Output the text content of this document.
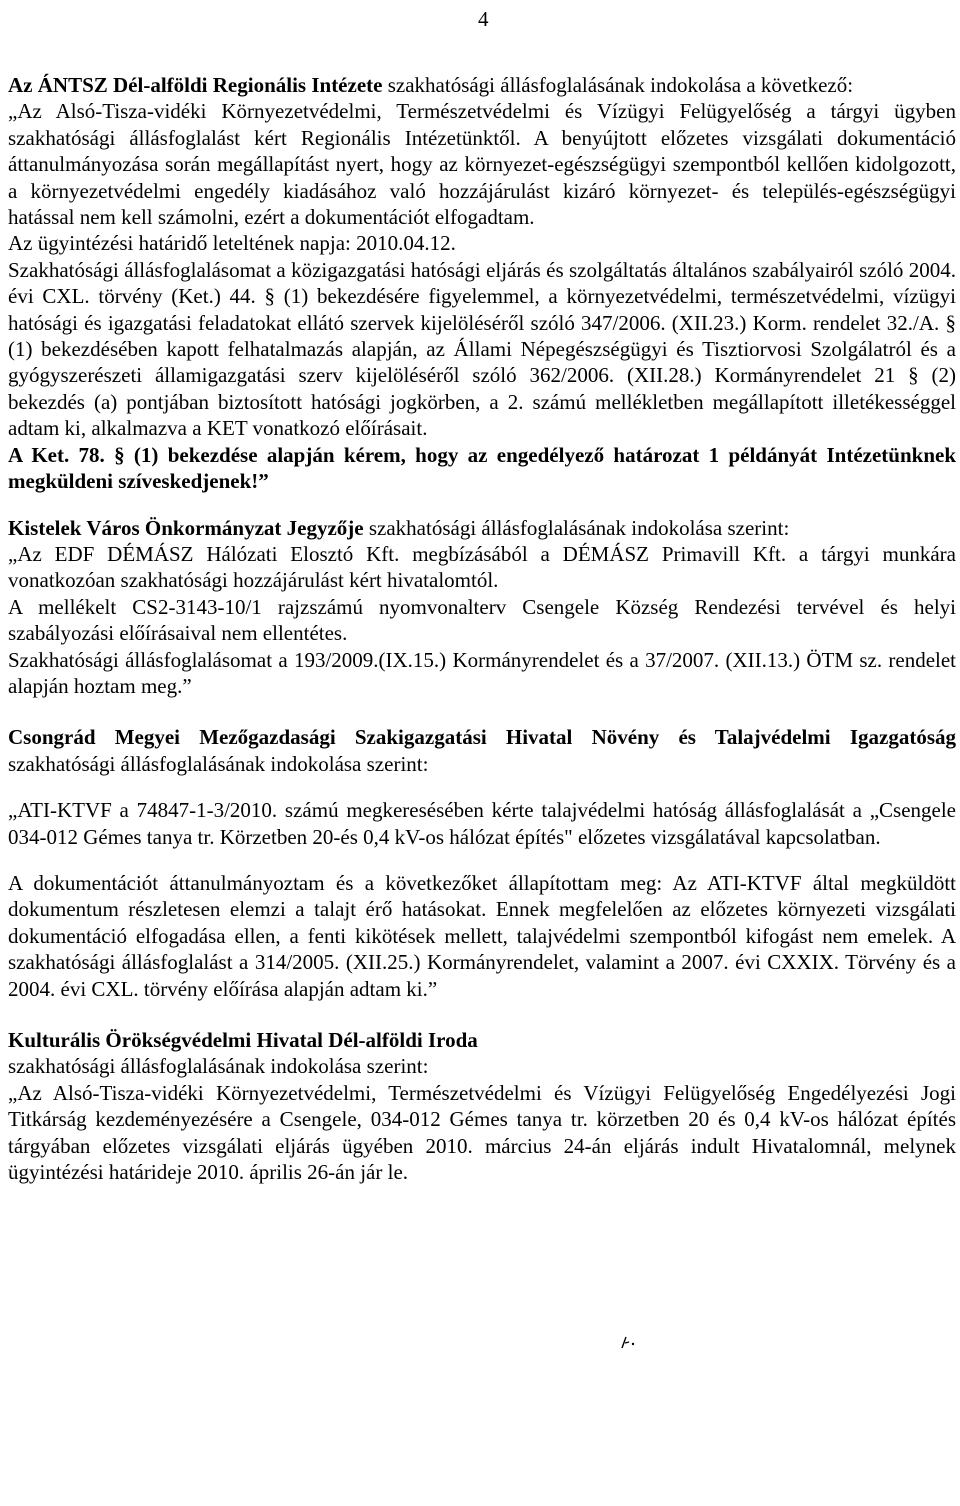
4

Az ÁNTSZ Dél-alföldi Regionális Intézete szakhatósági állásfoglalásának indokolása a következő:

„Az Alsó-Tisza-vidéki Környezetvédelmi, Természetvédelmi és Vízügyi Felügyelőség a tárgyi ügyben szakhatósági állásfoglalást kért Regionális Intézetünktől. A benyújtott előzetes vizsgálati dokumentáció áttanulmányozása során megállapítást nyert, hogy az környezet-egészségügyi szempontból kellően kidolgozott, a környezetvédelmi engedély kiadásához való hozzájárulást kizáró környezet- és település-egészségügyi hatással nem kell számolni, ezért a dokumentációt elfogadtam.

Az ügyintézési határidő leteltének napja: 2010.04.12.

Szakhatósági állásfoglalásomat a közigazgatási hatósági eljárás és szolgáltatás általános szabályairól szóló 2004. évi CXL. törvény (Ket.) 44. § (1) bekezdésére figyelemmel, a környezetvédelmi, természetvédelmi, vízügyi hatósági és igazgatási feladatokat ellátó szervek kijelöléséről szóló 347/2006. (XII.23.) Korm. rendelet 32./A. § (1) bekezdésében kapott felhatalmazás alapján, az Állami Népegészségügyi és Tisztiorvosi Szolgálatról és a gyógyszerészeti államigazgatási szerv kijelöléséről szóló 362/2006. (XII.28.) Kormányrendelet 21 § (2) bekezdés (a) pontjában biztosított hatósági jogkörben, a 2. számú mellékletben megállapított illetékességgel adtam ki, alkalmazva a KET vonatkozó előírásait.

A Ket. 78. § (1) bekezdése alapján kérem, hogy az engedélyező határozat 1 példányát Intézetünknek megküldeni szíveskedjenek!”

Kistelek Város Önkormányzat Jegyzője szakhatósági állásfoglalásának indokolása szerint:

„Az EDF DÉMÁSZ Hálózati Elosztó Kft. megbízásából a DÉMÁSZ Primavill Kft. a tárgyi munkára vonatkozóan szakhatósági hozzájárulást kért hivatalomtól.

A mellékelt CS2-3143-10/1 rajzszámú nyomvonalterv Csengele Község Rendezési tervével és helyi szabályozási előírásaival nem ellentétes.

Szakhatósági állásfoglalásomat a 193/2009.(IX.15.) Kormányrendelet és a 37/2007. (XII.13.) ÖTM sz. rendelet alapján hoztam meg.”

Csongrád Megyei Mezőgazdasági Szakigazgatási Hivatal Növény és Talajvédelmi Igazgatóság szakhatósági állásfoglalásának indokolása szerint:

„ATI-KTVF a 74847-1-3/2010. számú megkeresésében kérte talajvédelmi hatóság állásfoglalását a „Csengele 034-012 Gémes tanya tr. Körzetben 20-és 0,4 kV-os hálózat építés" előzetes vizsgálatával kapcsolatban.

A dokumentációt áttanulmányoztam és a következőket állapítottam meg: Az ATI-KTVF által megküldött dokumentum részletesen elemzi a talajt érő hatásokat. Ennek megfelelően az előzetes környezeti vizsgálati dokumentáció elfogadása ellen, a fenti kikötések mellett, talajvédelmi szempontból kifogást nem emelek. A szakhatósági állásfoglalást a 314/2005. (XII.25.) Kormányrendelet, valamint a 2007. évi CXXIX. Törvény és a 2004. évi CXL. törvény előírása alapján adtam ki.”

Kulturális Örökségvédelmi Hivatal Dél-alföldi Iroda

szakhatósági állásfoglalásának indokolása szerint:

„Az Alsó-Tisza-vidéki Környezetvédelmi, Természetvédelmi és Vízügyi Felügyelőség Engedélyezési Jogi Titkárság kezdeményezésére a Csengele, 034-012 Gémes tanya tr. körzetben 20 és 0,4 kV-os hálózat építés tárgyában előzetes vizsgálati eljárás ügyében 2010. március 24-án eljárás indult Hivatalomnál, melynek ügyintézési határideje 2010. április 26-án jár le.
